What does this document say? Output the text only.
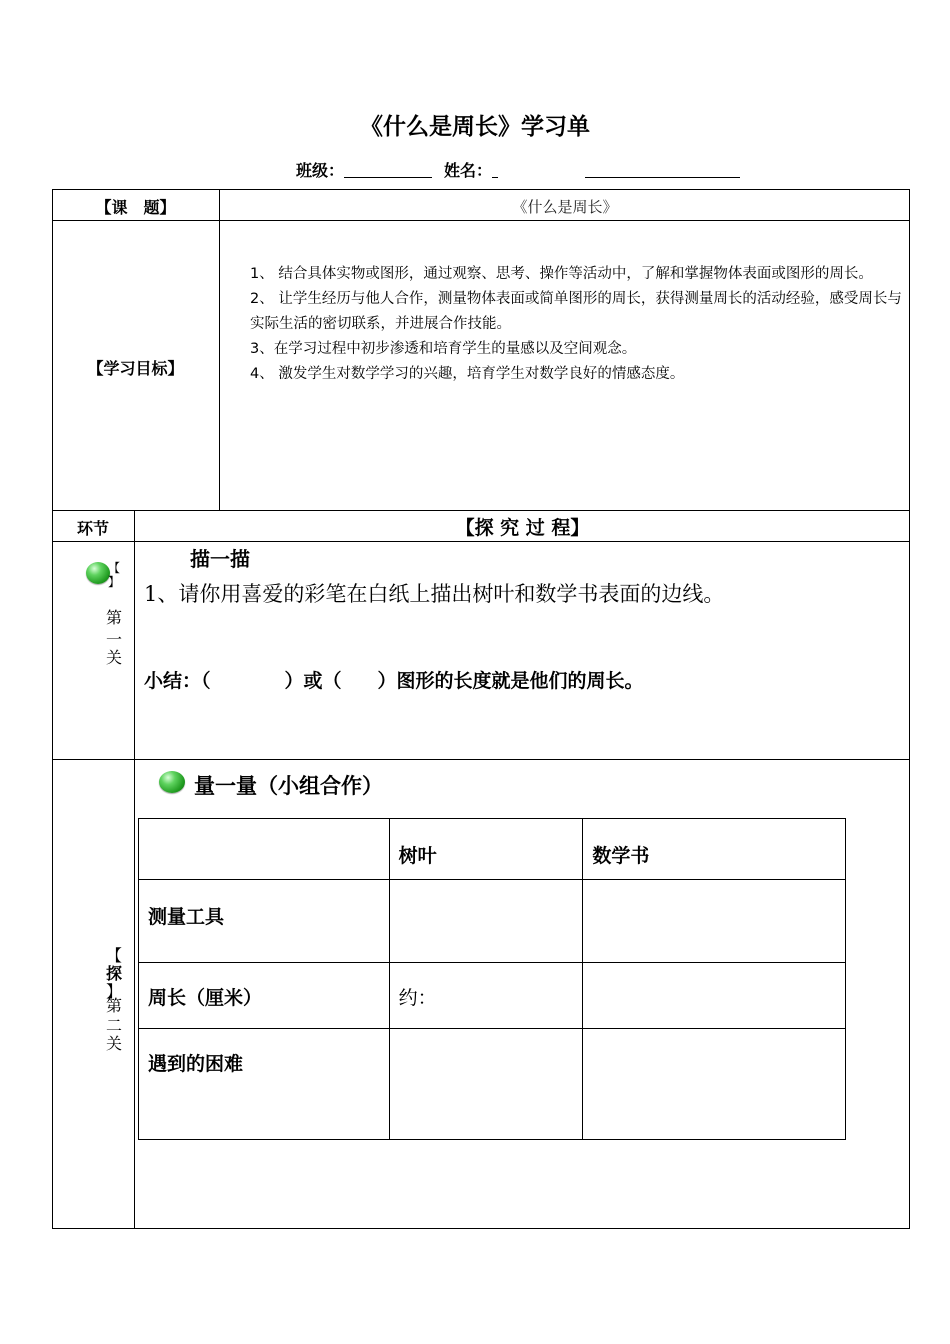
《什么是周长》学习单
班级：	姓名：
【课　题】	《什么是周长》
【学习目标】

1、 结合具体实物或图形，通过观察、思考、操作等活动中，了解和掌握物体表面或图形的周长。

2、 让学生经历与他人合作，测量物体表面或简单图形的周长，获得测量周长的活动经验，感受周长与实际生活的密切联系，并进展合作技能。

3、在学习过程中初步渗透和培育学生的量感以及空间观念。

4、 激发学生对数学学习的兴趣，培育学生对数学良好的情感态度。

环节	【探 究 过 程】
【
】
第
一
关
描一描
1、请你用喜爱的彩笔在白纸上描出树叶和数学书表面的边线。
小结：（	）或（ ）图形的长度就是他们的周长。
【
探
】
第
二
关
量一量（小组合作）
	树叶	数学书
测量工具		
周长（厘米）	约：	
遇到的困难		
